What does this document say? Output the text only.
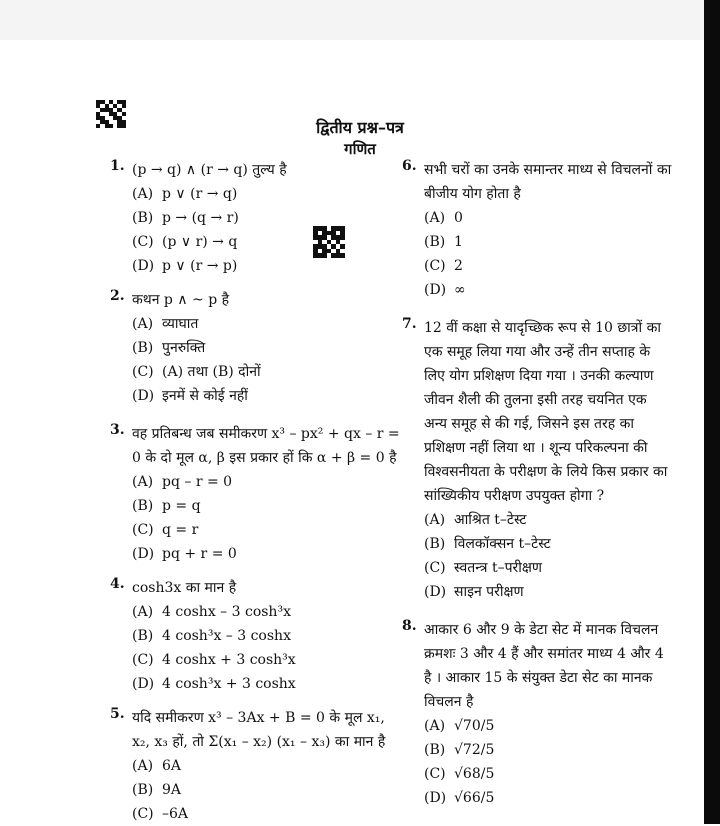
द्वितीय प्रश्न–पत्र
गणित
1. (p → q) ∧ (r → q) तुल्य है
(A) p ∨ (r → q)
(B) p → (q → r)
(C) (p ∨ r) → q
(D) p ∨ (r → p)
2. कथन p ∧ ~ p है
(A) व्याघात
(B) पुनरुक्ति
(C) (A) तथा (B) दोनों
(D) इनमें से कोई नहीं
3. वह प्रतिबन्ध जब समीकरण x³ – px² + qx – r = 0 के दो मूल α, β इस प्रकार हों कि α + β = 0 है
(A) pq – r = 0
(B) p = q
(C) q = r
(D) pq + r = 0
4. cosh3x का मान है
(A) 4 coshx – 3 cosh³x
(B) 4 cosh³x – 3 coshx
(C) 4 coshx + 3 cosh³x
(D) 4 cosh³x + 3 coshx
5. यदि समीकरण x³ – 3Ax + B = 0 के मूल x₁, x₂, x₃ हों, तो Σ(x₁ – x₂) (x₁ – x₃) का मान है
(A) 6A
(B) 9A
(C) –6A
6. सभी चरों का उनके समान्तर माध्य से विचलनों का बीजीय योग होता है
(A) 0
(B) 1
(C) 2
(D) ∞
7. 12 वीं कक्षा से यादृच्छिक रूप से 10 छात्रों का एक समूह लिया गया और उन्हें तीन सप्ताह के लिए योग प्रशिक्षण दिया गया । उनकी कल्याण जीवन शैली की तुलना इसी तरह चयनित एक अन्य समूह से की गई, जिसने इस तरह का प्रशिक्षण नहीं लिया था । शून्य परिकल्पना की विश्वसनीयता के परीक्षण के लिये किस प्रकार का सांख्यिकीय परीक्षण उपयुक्त होगा ?
(A) आश्रित t–टेस्ट
(B) विलकॉक्सन t–टेस्ट
(C) स्वतन्त्र t–परीक्षण
(D) साइन परीक्षण
8. आकार 6 और 9 के डेटा सेट में मानक विचलन क्रमशः 3 और 4 हैं और समांतर माध्य 4 और 4 है । आकार 15 के संयुक्त डेटा सेट का मानक विचलन है
(A) √70/5
(B) √72/5
(C) √68/5
(D) √66/5
